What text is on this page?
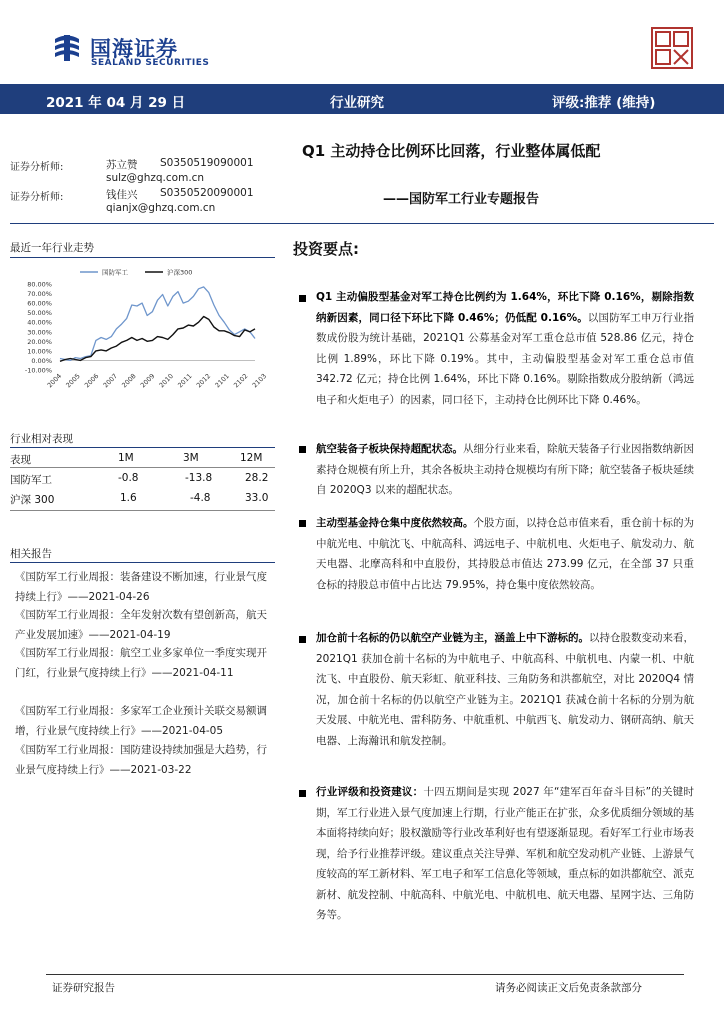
国海证券
SEALAND SECURITIES
2021 年 04 月 29 日	行业研究	评级:推荐 (维持)
Q1 主动持仓比例环比回落，行业整体属低配
——国防军工行业专题报告
证券分析师:	苏立赞 S0350519090001
sulz@ghzq.com.cn
证券分析师:	钱佳兴 S0350520090001
qianjx@ghzq.com.cn
最近一年行业走势
80.00%
70.00%
60.00%
50.00%
40.00%
30.00%
20.00%
10.00%
0.00%
-10.00%
2004 2005 2006 2007 2008 2009 2010 2011 2012 2101 2102 2103
国防军工	沪深300
行业相对表现
表现	1M	3M	12M
国防军工	-0.8	-13.8	28.2
沪深 300	1.6	-4.8	33.0
相关报告
《国防军工行业周报：装备建设不断加速，行业景气度持续上行》——2021-04-26
《国防军工行业周报：全年发射次数有望创新高，航天产业发展加速》——2021-04-19
《国防军工行业周报：航空工业多家单位一季度实现开门红，行业景气度持续上行》——2021-04-11
《国防军工行业周报：多家军工企业预计关联交易额调增，行业景气度持续上行》——2021-04-05
《国防军工行业周报：国防建设持续加强是大趋势，行业景气度持续上行》——2021-03-22
投资要点:
Q1 主动偏股型基金对军工持仓比例约为 1.64%，环比下降 0.16%，剔除指数纳新因素，同口径下环比下降 0.46%；仍低配 0.16%。以国防军工申万行业指数成份股为统计基础，2021Q1 公募基金对军工重仓总市值 528.86 亿元，持仓比例 1.89%，环比下降 0.19%。其中，主动偏股型基金对军工重仓总市值 342.72 亿元；持仓比例 1.64%，环比下降 0.16%。剔除指数成分股纳新（鸿远电子和火炬电子）的因素，同口径下，主动持仓比例环比下降 0.46%。
航空装备子板块保持超配状态。从细分行业来看，除航天装备子行业因指数纳新因素持仓规模有所上升，其余各板块主动持仓规模均有所下降；航空装备子板块延续自 2020Q3 以来的超配状态。
主动型基金持仓集中度依然较高。个股方面，以持仓总市值来看，重仓前十标的为中航光电、中航沈飞、中航高科、鸿远电子、中航机电、火炬电子、航发动力、航天电器、北摩高科和中直股份，其持股总市值达 273.99 亿元，在全部 37 只重仓标的持股总市值中占比达 79.95%，持仓集中度依然较高。
加仓前十名标的仍以航空产业链为主，涵盖上中下游标的。以持仓股数变动来看，2021Q1 获加仓前十名标的为中航电子、中航高科、中航机电、内蒙一机、中航沈飞、中直股份、航天彩虹、航亚科技、三角防务和洪都航空，对比 2020Q4 情况，加仓前十名标的仍以航空产业链为主。2021Q1 获减仓前十名标的分别为航天发展、中航光电、雷科防务、中航重机、中航西飞、航发动力、钢研高纳、航天电器、上海瀚讯和航发控制。
行业评级和投资建议：十四五期间是实现 2027 年“建军百年奋斗目标”的关键时期，军工行业进入景气度加速上行期，行业产能正在扩张，众多优质细分领域的基本面将持续向好；股权激励等行业改革利好也有望逐渐显现。看好军工行业市场表现，给予行业推荐评级。建议重点关注导弹、军机和航空发动机产业链、上游景气度较高的军工新材料、军工电子和军工信息化等领域，重点标的如洪都航空、派克新材、航发控制、中航高科、中航光电、中航机电、航天电器、星网宇达、三角防务等。
证券研究报告	请务必阅读正文后免责条款部分
